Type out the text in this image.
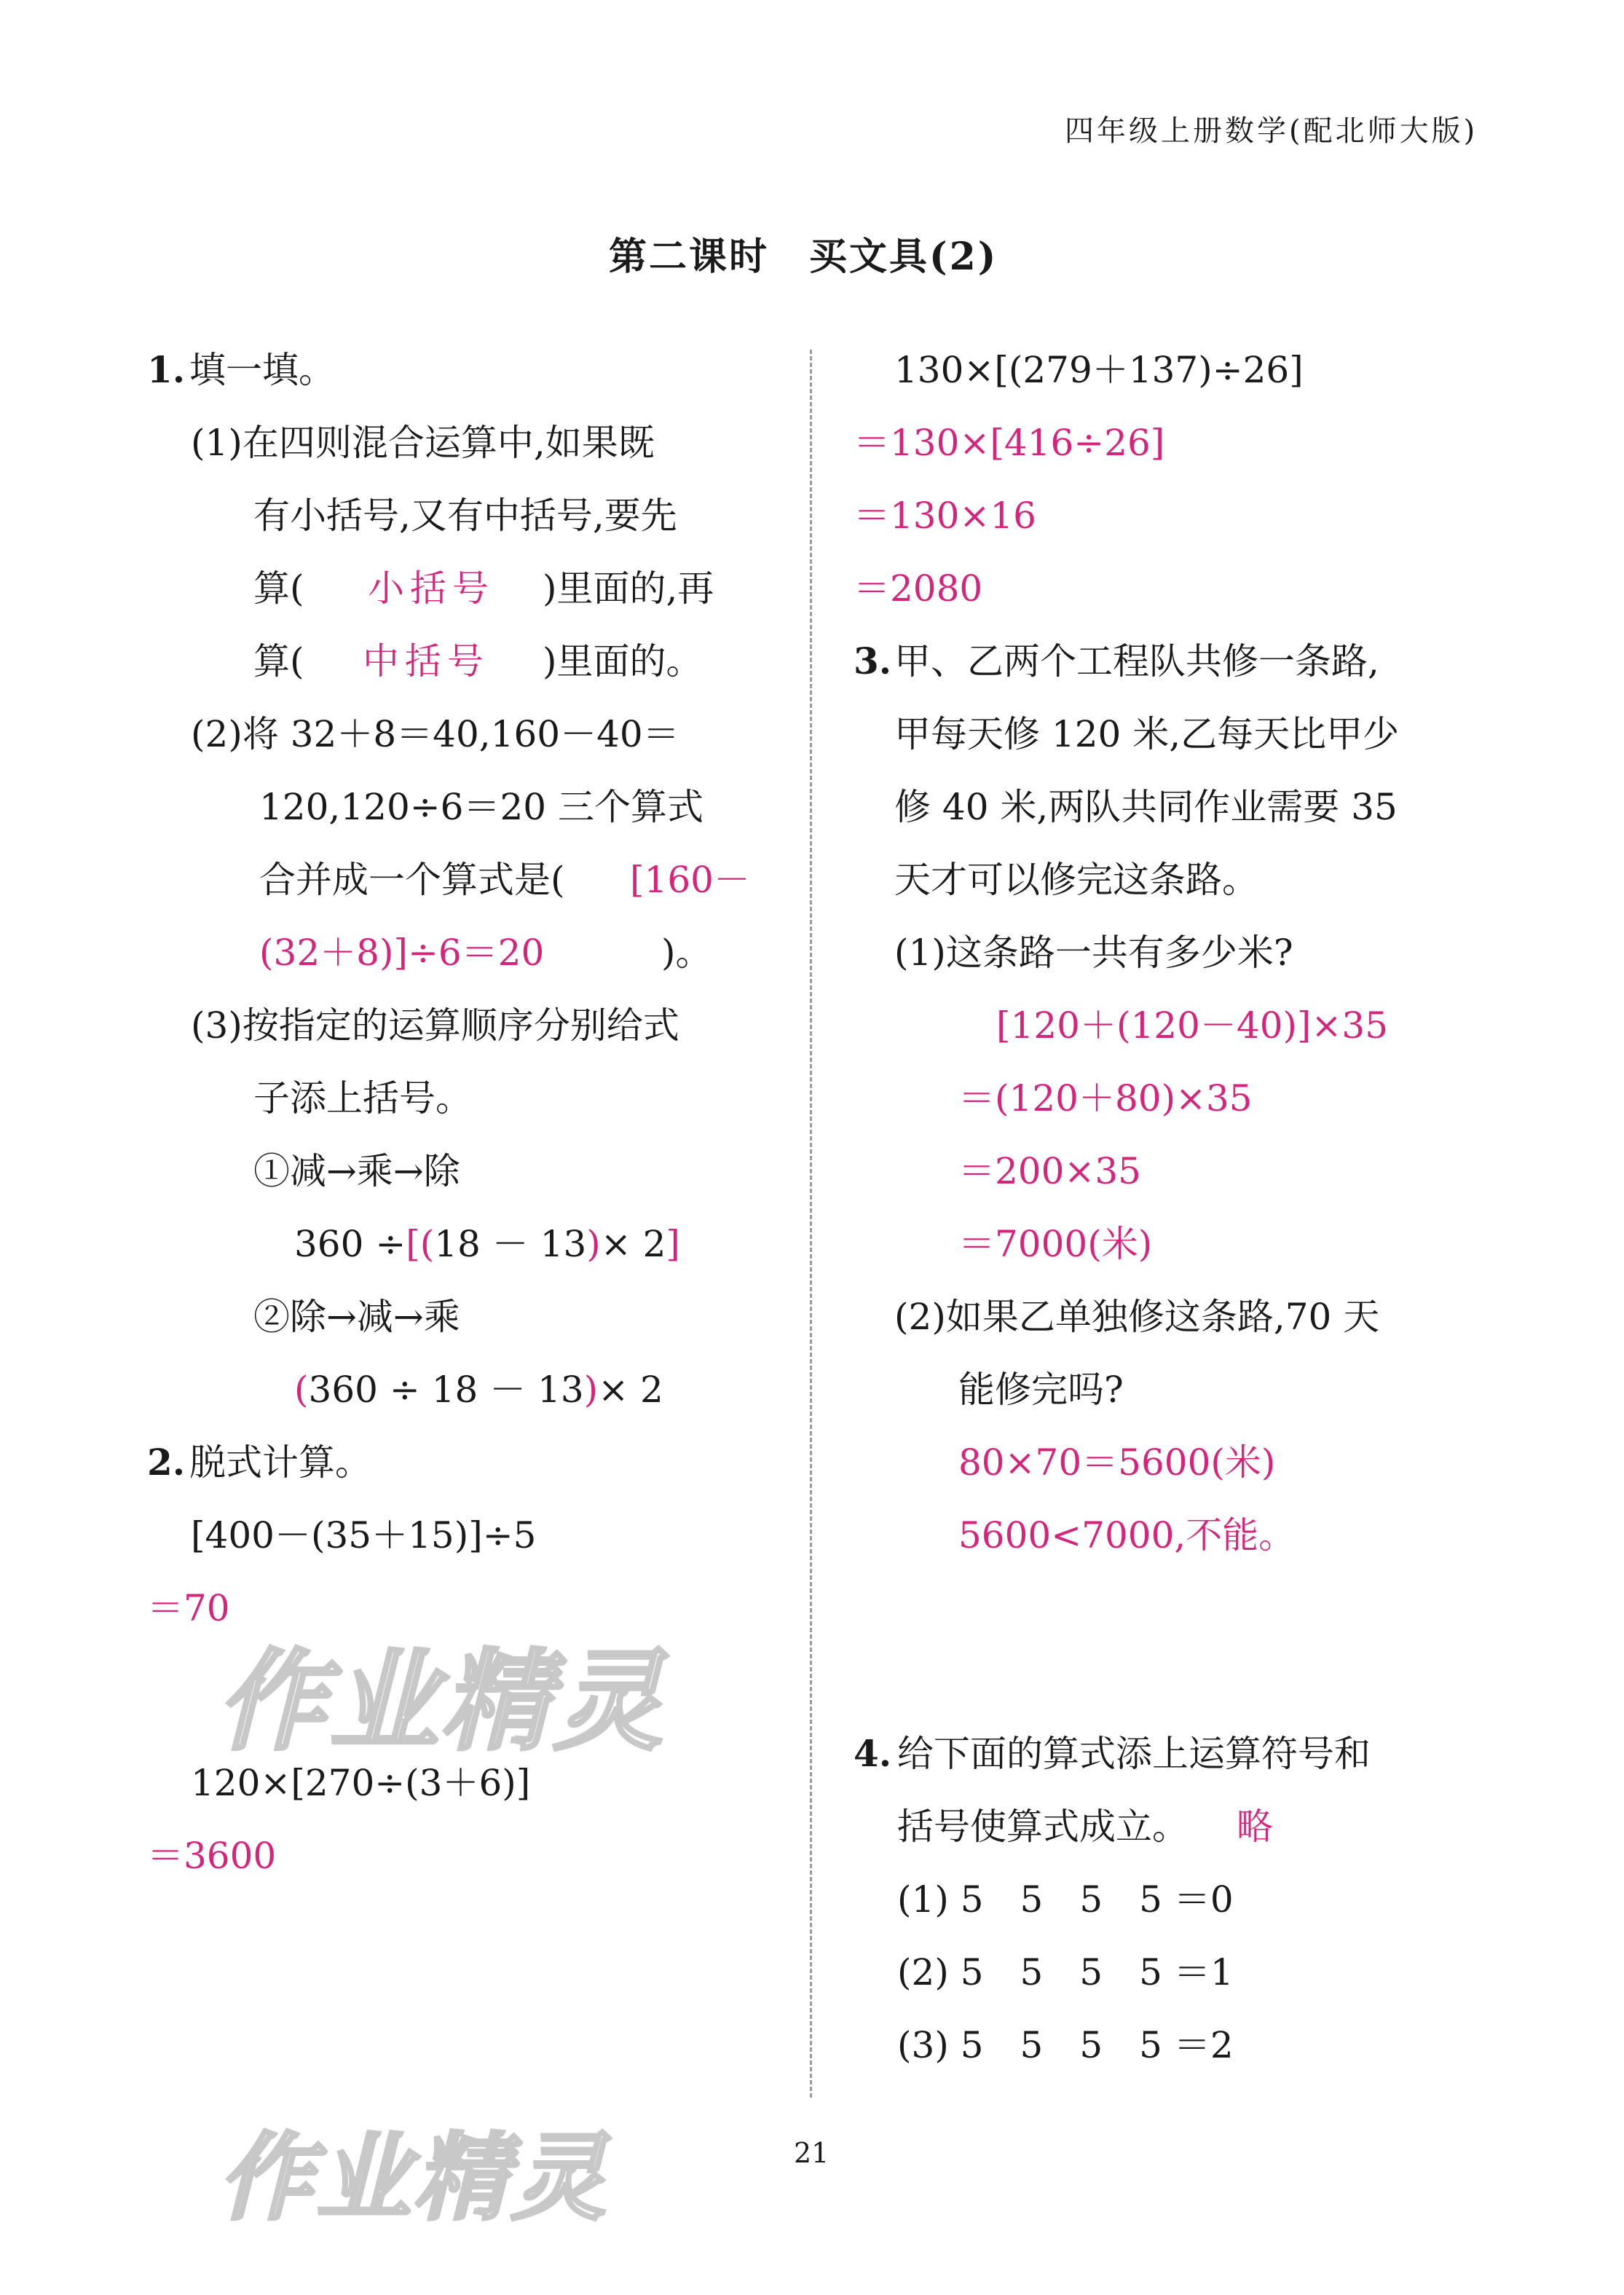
四年级上册数学(配北师大版)
第二课时　买文具(2)
作业精灵
作业精灵
1. 填一填。
(1)在四则混合运算中,如果既
有小括号,又有中括号,要先
算( 小括号 )里面的,再
算( 中括号 )里面的。
(2)将 32＋8＝40,160－40＝
120,120÷6＝20 三个算式
合并成一个算式是( [160－
(32＋8)]÷6＝20	)。
(3)按指定的运算顺序分别给式
子添上括号。
①减→乘→除
360 ÷[(18 － 13)× 2]
②除→减→乘
(360 ÷ 18 － 13)× 2
2. 脱式计算。
[400－(35＋15)]÷5
＝70
120×[270÷(3＋6)]
＝3600
130×[(279＋137)÷26]
＝130×[416÷26]
＝130×16
＝2080
3. 甲、乙两个工程队共修一条路,
甲每天修 120 米,乙每天比甲少
修 40 米,两队共同作业需要 35
天才可以修完这条路。
(1)这条路一共有多少米?
[120＋(120－40)]×35
＝(120＋80)×35
＝200×35
＝7000(米)
(2)如果乙单独修这条路,70 天
能修完吗?
80×70＝5600(米)
5600<7000,不能。
4. 给下面的算式添上运算符号和
括号使算式成立。 略
(1) 5　5　5　5 ＝0
(2) 5　5　5　5 ＝1
(3) 5　5　5　5 ＝2
21
